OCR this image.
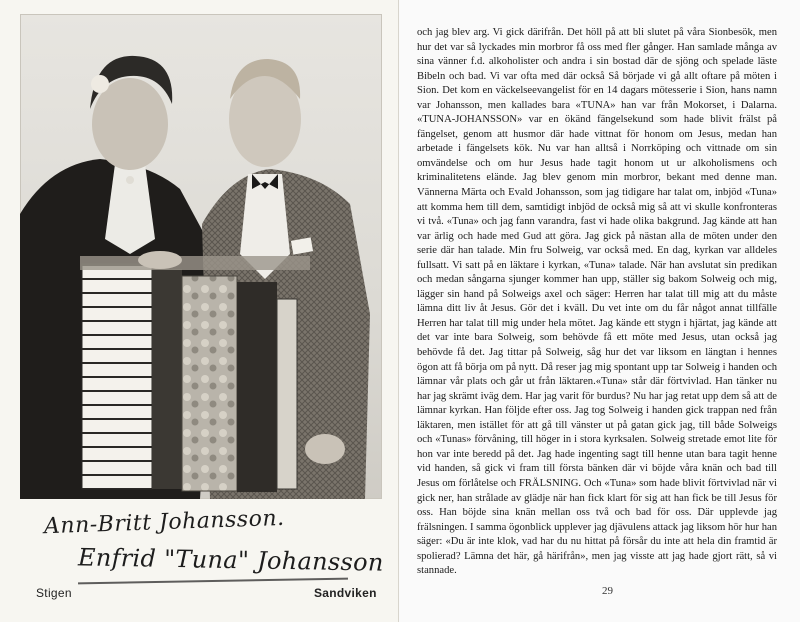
Ann-Britt Johansson.
Enfrid "Tuna" Johansson
Stigen	Sandviken

och jag blev arg. Vi gick därifrån. Det höll på att bli slutet på våra Sionbesök, men hur det var så lyckades min morbror få oss med fler gånger. Han samlade många av sina vänner f.d. alkoholister och andra i sin bostad där de sjöng och spelade läste Bibeln och bad. Vi var ofta med där också Så började vi gå allt oftare på möten i Sion. Det kom en väckelseevangelist för en 14 dagars mötesserie i Sion, hans namn var Johansson, men kallades bara «TUNA» han var från Mokorset, i Dalarna. «TUNA-JOHANSSON» var en ökänd fängelsekund som hade blivit frälst på fängelset, genom att husmor där hade vittnat för honom om Jesus, medan han arbetade i fängelsets kök. Nu var han alltså i Norrköping och vittnade om sin omvändelse och om hur Jesus hade tagit honom ut ur alkoholismens och kriminalitetens elände. Jag blev genom min morbror, bekant med denne man. Vännerna Märta och Evald Johansson, som jag tidigare har talat om, inbjöd «Tuna» att komma hem till dem, samtidigt inbjöd de också mig så att vi skulle konfronteras vi två. «Tuna» och jag fann varandra, fast vi hade olika bakgrund. Jag kände att han var ärlig och hade med Gud att göra. Jag gick på nästan alla de möten under den serie där han talade. Min fru Solweig, var också med. En dag, kyrkan var alldeles fullsatt. Vi satt på en läktare i kyrkan, «Tuna» talade. När han avslutat sin predikan och medan sångarna sjunger kommer han upp, ställer sig bakom Solweig och mig, lägger sin hand på Solweigs axel och säger: Herren har talat till mig att du måste lämna ditt liv åt Jesus. Gör det i kväll. Du vet inte om du får något annat tillfälle Herren har talat till mig under hela mötet. Jag kände ett stygn i hjärtat, jag kände att det var inte bara Solweig, som behövde få ett möte med Jesus, utan också jag behövde få det. Jag tittar på Solweig, såg hur det var liksom en längtan i hennes ögon att få börja om på nytt. Då reser jag mig spontant upp tar Solweig i handen och lämnar vår plats och går ut från läktaren.«Tuna» står där förtvivlad. Han tänker nu har jag skrämt iväg dem. Har jag varit för burdus? Nu har jag retat upp dem så att de lämnar kyrkan. Han följde efter oss. Jag tog Solweig i handen gick trappan ned från läktaren, men istället för att gå till vänster ut på gatan gick jag, till både Solweigs och «Tunas» förvåning, till höger in i stora kyrksalen. Solweig stretade emot lite för hon var inte beredd på det. Jag hade ingenting sagt till henne utan bara tagit henne vid handen, så gick vi fram till första bänken där vi böjde våra knän och bad till Jesus om förlåtelse och FRÄLSNING. Och «Tuna» som hade blivit förtvivlad när vi gick ner, han strålade av glädje när han fick klart för sig att han fick be till Jesus för oss. Han böjde sina knän mellan oss två och bad för oss. Där upplevde jag frälsningen. I samma ögonblick upplever jag djävulens attack jag liksom hör hur han säger: «Du är inte klok, vad har du nu hittat på försår du inte att hela din framtid är spolierad? Lämna det här, gå härifrån», men jag visste att jag hade gjort rätt, så vi stannade.

29
